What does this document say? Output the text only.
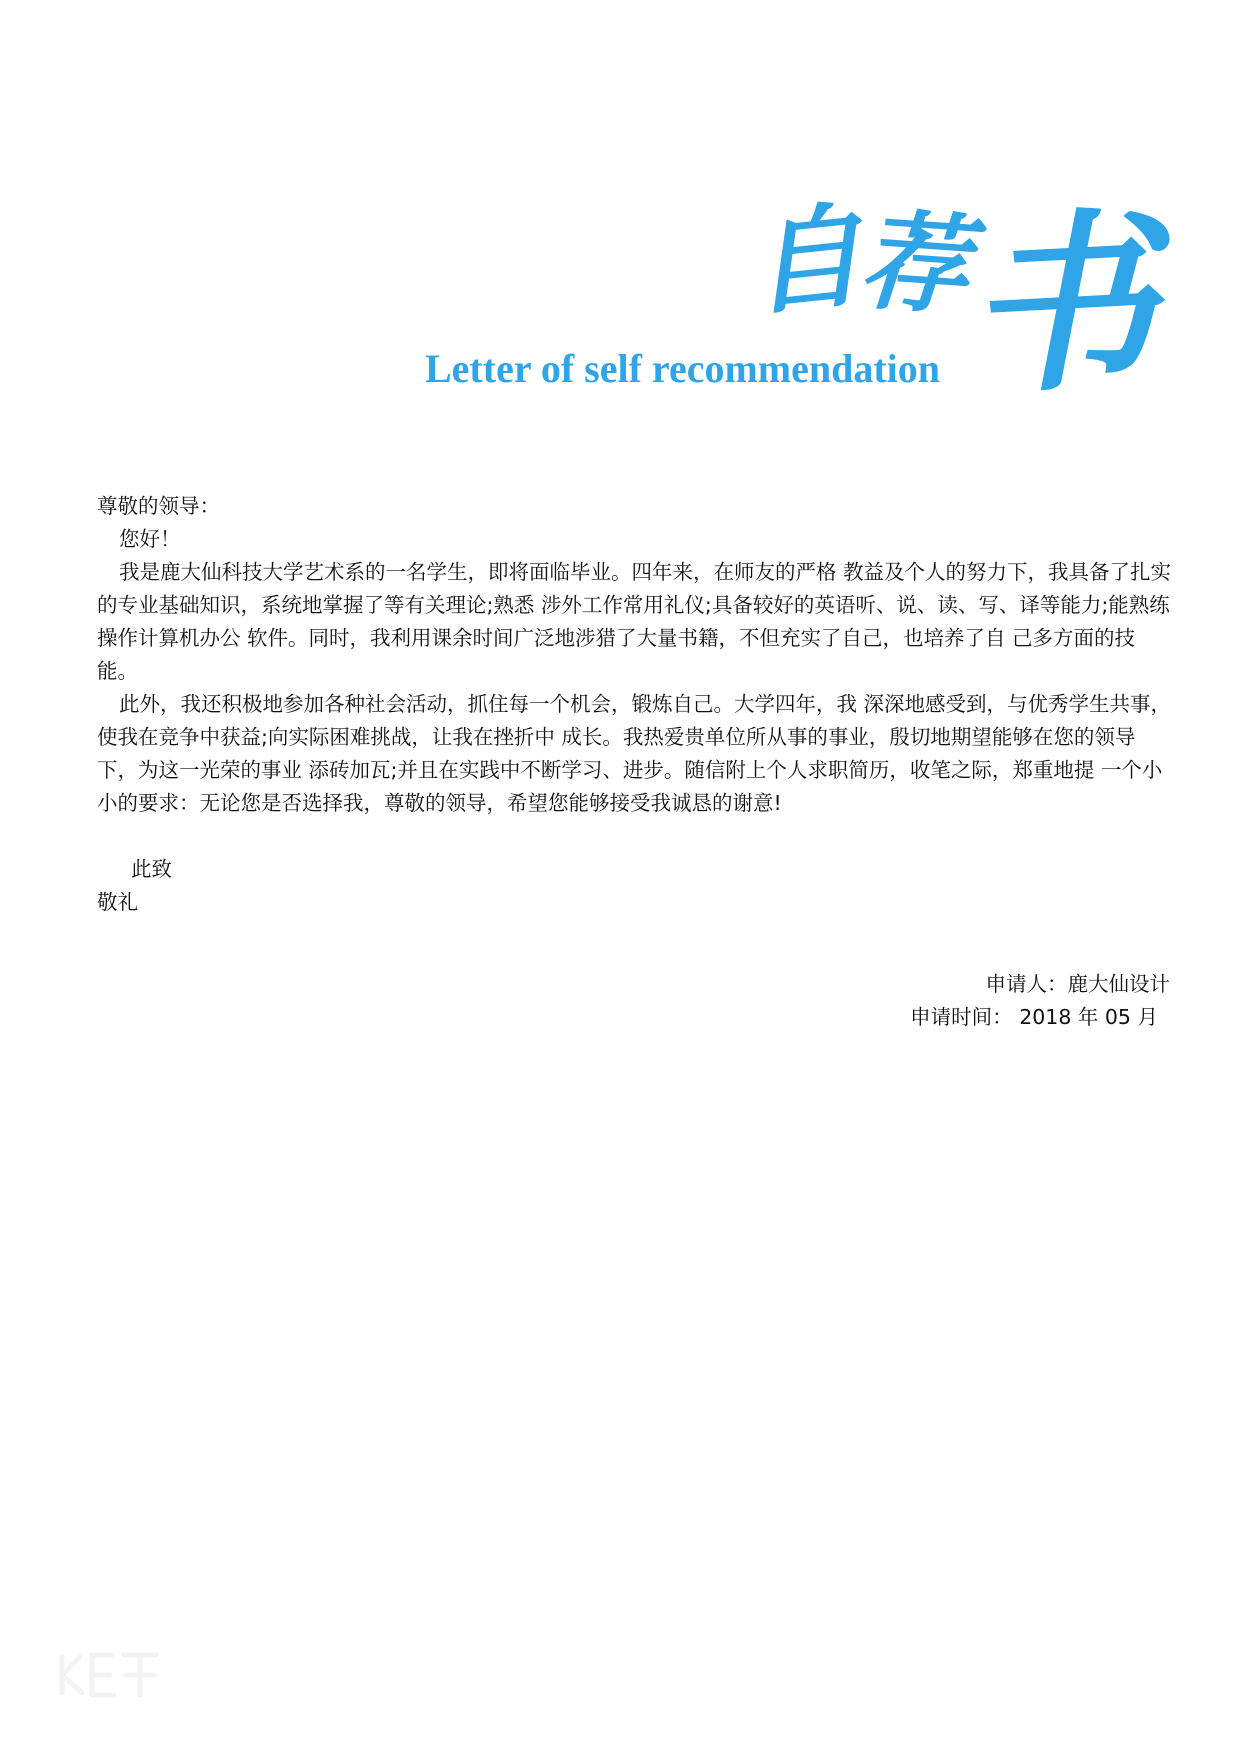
自
荐
书
Letter of self recommendation

尊敬的领导：

您好！

我是鹿大仙科技大学艺术系的一名学生，即将面临毕业。四年来，在师友的严格 教益及个人的努力下，我具备了扎实的专业基础知识，系统地掌握了等有关理论;熟悉 涉外工作常用礼仪;具备较好的英语听、说、读、写、译等能力;能熟练操作计算机办公 软件。同时，我利用课余时间广泛地涉猎了大量书籍，不但充实了自己，也培养了自 己多方面的技能。

此外，我还积极地参加各种社会活动，抓住每一个机会，锻炼自己。大学四年，我 深深地感受到，与优秀学生共事，使我在竞争中获益;向实际困难挑战，让我在挫折中 成长。我热爱贵单位所从事的事业，殷切地期望能够在您的领导下，为这一光荣的事业 添砖加瓦;并且在实践中不断学习、进步。随信附上个人求职简历，收笔之际，郑重地提 一个小小的要求：无论您是否选择我，尊敬的领导，希望您能够接受我诚恳的谢意!

此致

敬礼

申请人：鹿大仙设计
申请时间： 2018 年 05 月
